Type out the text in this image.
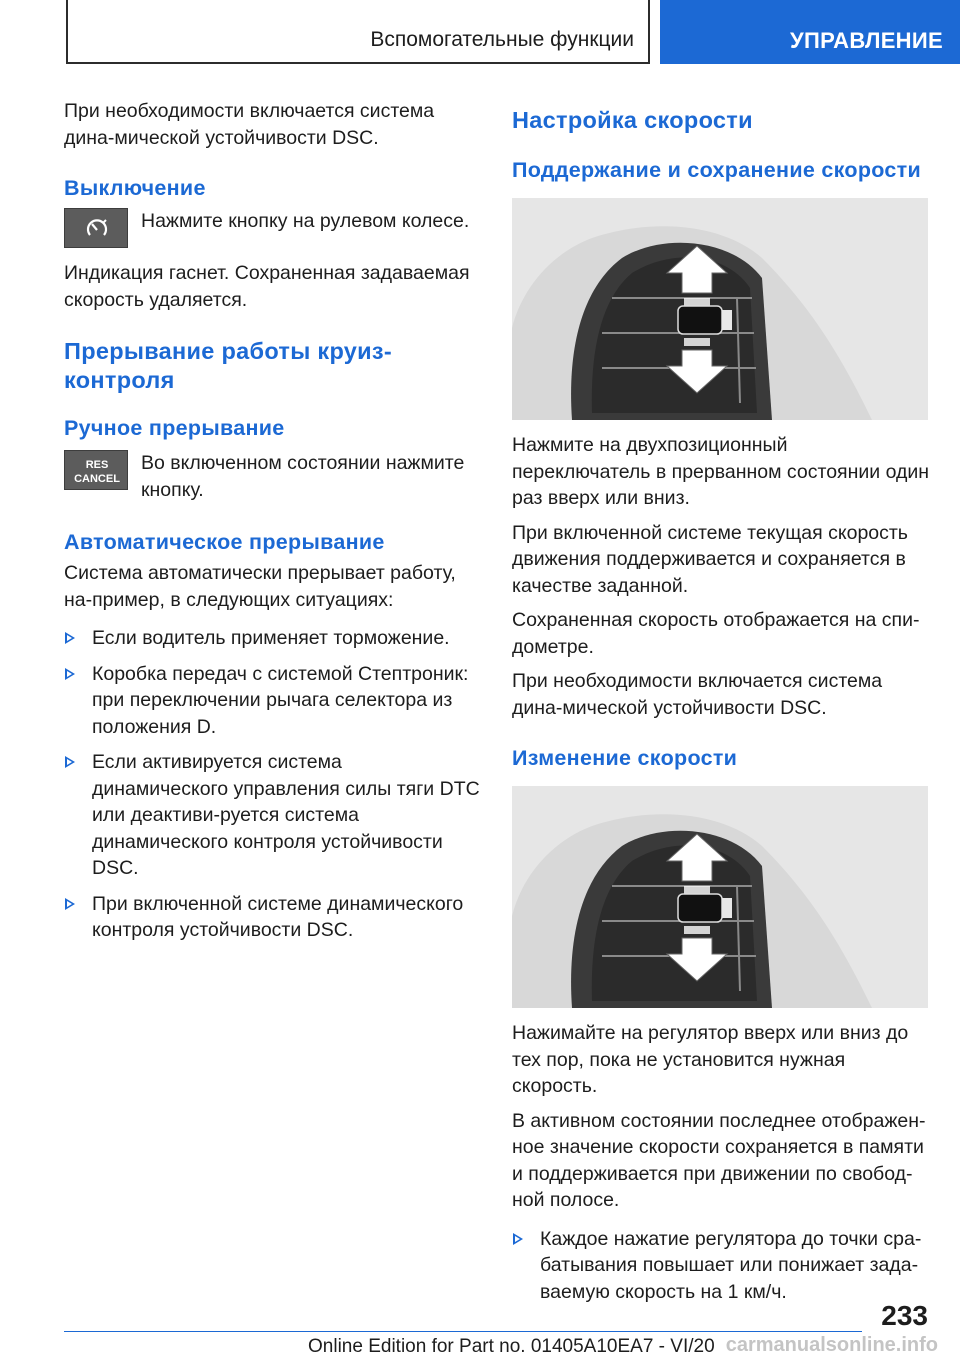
Вспомогательные функции	УПРАВЛЕНИЕ

При необходимости включается система дина-мической устойчивости DSC.

Выключение

Нажмите кнопку на рулевом колесе.

Индикация гаснет. Сохраненная задаваемая скорость удаляется.

Прерывание работы круиз-контроля
Ручное прерывание
RES
CANCEL

Во включенном состоянии нажмите кнопку.

Автоматическое прерывание

Система автоматически прерывает работу, на-пример, в следующих ситуациях:

Если водитель применяет торможение.
Коробка передач с системой Стептроник: при переключении рычага селектора из положения D.
Если активируется система динамического управления силы тяги DTC или деактиви-руется система динамического контроля устойчивости DSC.
При включенной системе динамического контроля устойчивости DSC.
Настройка скорости
Поддержание и сохранение скорости

Нажмите на двухпозиционный переключатель в прерванном состоянии один раз вверх или вниз.

При включенной системе текущая скорость движения поддерживается и сохраняется в качестве заданной.

Сохраненная скорость отображается на спи-дометре.

При необходимости включается система дина-мической устойчивости DSC.

Изменение скорости

Нажимайте на регулятор вверх или вниз до тех пор, пока не установится нужная скорость.

В активном состоянии последнее отображен-ное значение скорости сохраняется в памяти и поддерживается при движении по свобод-ной полосе.

Каждое нажатие регулятора до точки сра-батывания повышает или понижает зада-ваемую скорость на 1 км/ч.
233
Online Edition for Part no. 01405A10EA7 - VI/20 carmanualsonline.info
